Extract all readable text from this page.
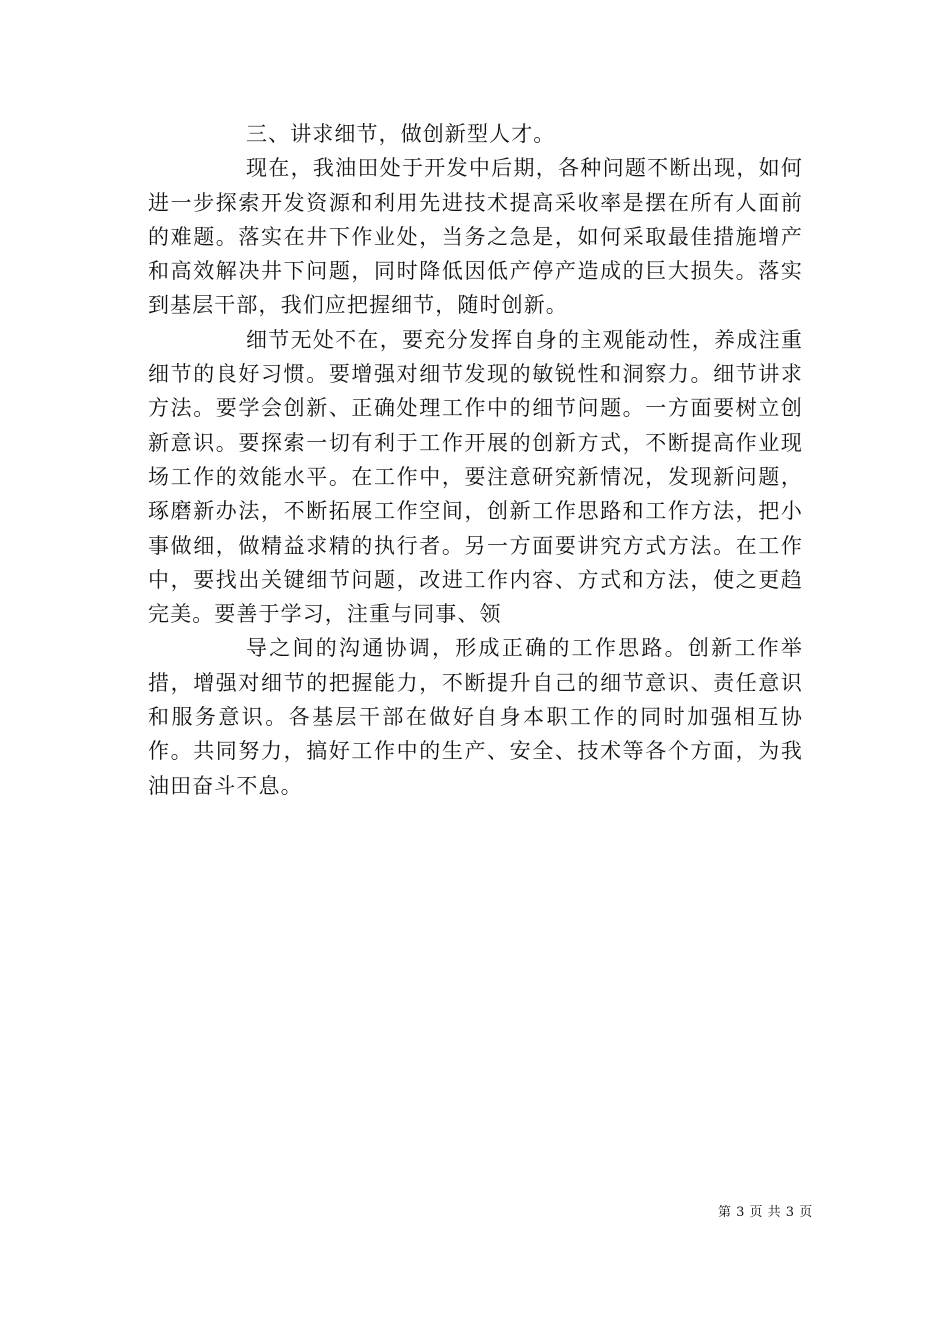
三、讲求细节，做创新型人才。

现在，我油田处于开发中后期，各种问题不断出现，如何进一步探索开发资源和利用先进技术提高采收率是摆在所有人面前的难题。落实在井下作业处，当务之急是，如何采取最佳措施增产和高效解决井下问题，同时降低因低产停产造成的巨大损失。落实到基层干部，我们应把握细节，随时创新。

细节无处不在，要充分发挥自身的主观能动性，养成注重细节的良好习惯。要增强对细节发现的敏锐性和洞察力。细节讲求方法。要学会创新、正确处理工作中的细节问题。一方面要树立创新意识。要探索一切有利于工作开展的创新方式，不断提高作业现场工作的效能水平。在工作中，要注意研究新情况，发现新问题，琢磨新办法，不断拓展工作空间，创新工作思路和工作方法，把小事做细，做精益求精的执行者。另一方面要讲究方式方法。在工作中，要找出关键细节问题，改进工作内容、方式和方法，使之更趋完美。要善于学习，注重与同事、领

导之间的沟通协调，形成正确的工作思路。创新工作举措，增强对细节的把握能力，不断提升自己的细节意识、责任意识和服务意识。各基层干部在做好自身本职工作的同时加强相互协作。共同努力，搞好工作中的生产、安全、技术等各个方面，为我油田奋斗不息。

第 3 页 共 3 页
